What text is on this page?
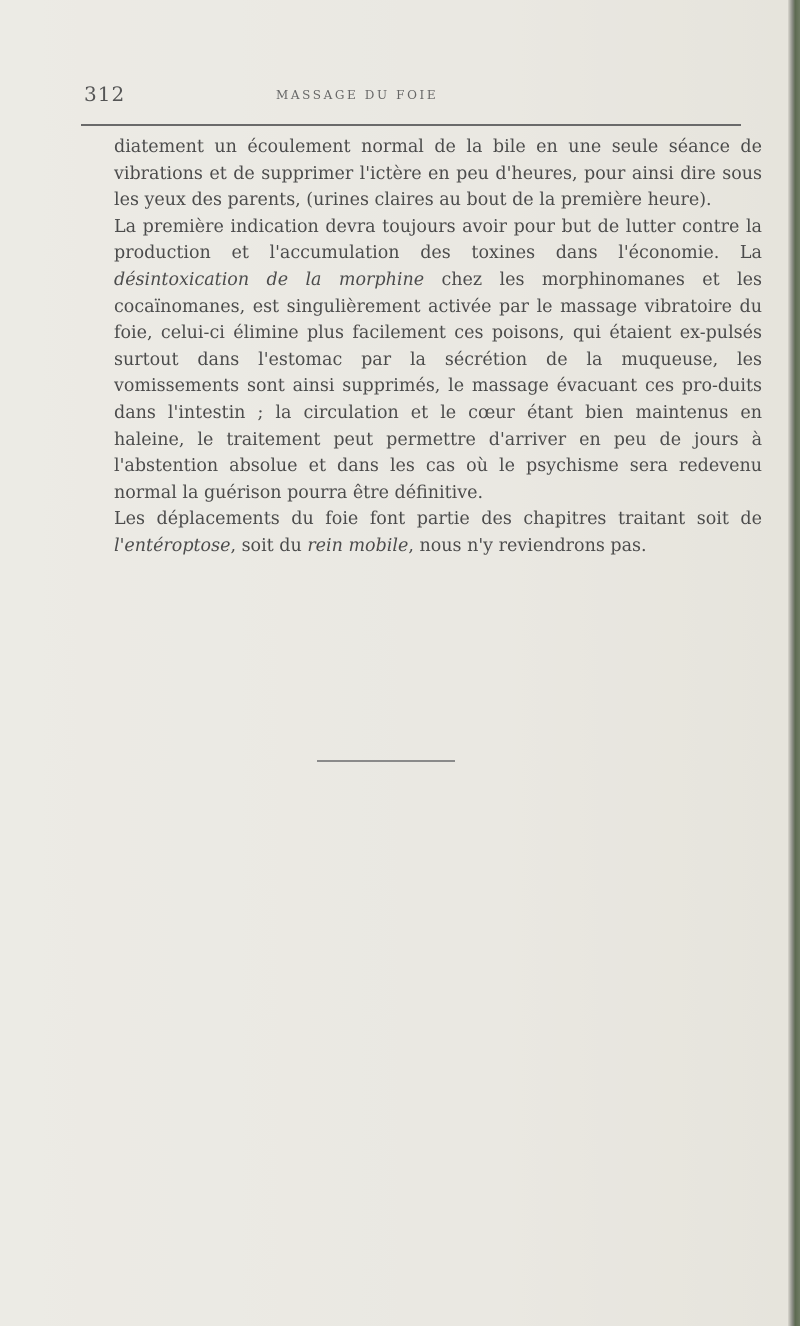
312	MASSAGE DU FOIE

diatement un écoulement normal de la bile en une seule séance de vibrations et de supprimer l'ictère en peu d'heures, pour ainsi dire sous les yeux des parents, (urines claires au bout de la première heure).

La première indication devra toujours avoir pour but de lutter contre la production et l'accumulation des toxines dans l'économie. La désintoxication de la morphine chez les morphinomanes et les cocaïnomanes, est singulièrement activée par le massage vibratoire du foie, celui-ci élimine plus facilement ces poisons, qui étaient ex-pulsés surtout dans l'estomac par la sécrétion de la muqueuse, les vomissements sont ainsi supprimés, le massage évacuant ces pro-duits dans l'intestin ; la circulation et le cœur étant bien maintenus en haleine, le traitement peut permettre d'arriver en peu de jours à l'abstention absolue et dans les cas où le psychisme sera redevenu normal la guérison pourra être définitive.

Les déplacements du foie font partie des chapitres traitant soit de l'entéroptose, soit du rein mobile, nous n'y reviendrons pas.
